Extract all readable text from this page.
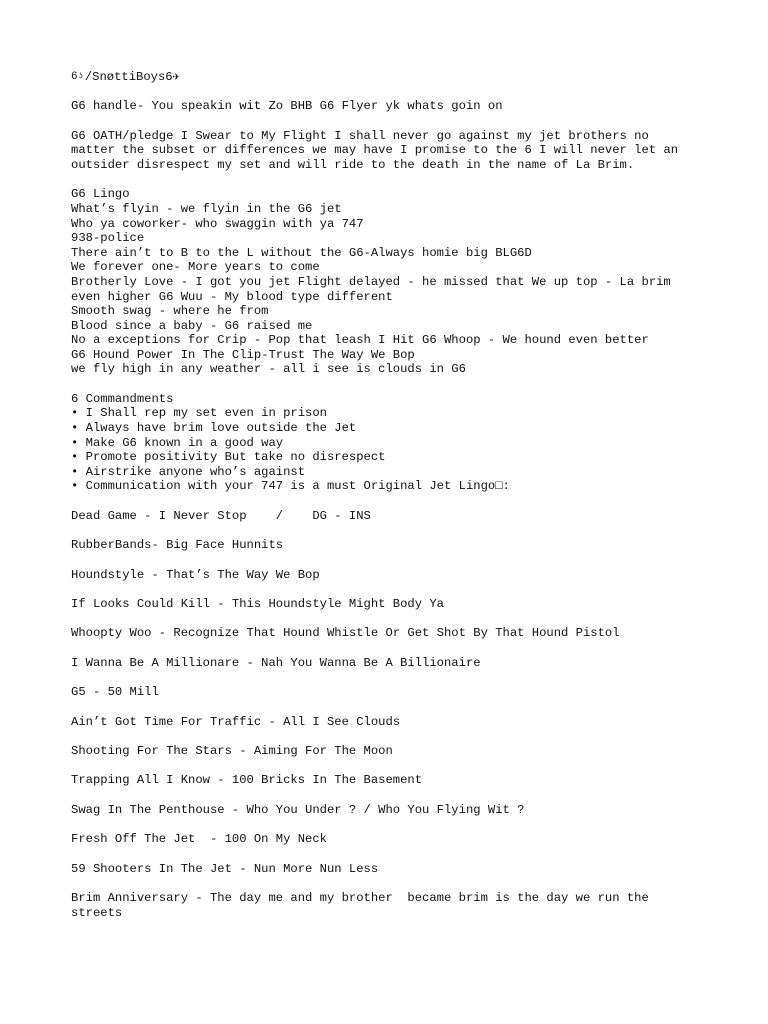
6 ʖ /SnøttiBoys6✈
G6 handle- You speakin wit Zo BHB G6 Flyer yk whats goin on
G6 OATH/pledge I Swear to My Flight I shall never go against my jet brothers no
matter the subset or differences we may have I promise to the 6 I will never let an
outsider disrespect my set and will ride to the death in the name of La Brim.
G6 Lingo
What’s flyin - we flyin in the G6 jet
Who ya coworker- who swaggin with ya 747
938-police
There ain’t to B to the L without the G6-Always homie big BLG6D
We forever one- More years to come
Brotherly Love - I got you jet Flight delayed - he missed that We up top - La brim
even higher G6 Wuu - My blood type different
Smooth swag - where he from
Blood since a baby - G6 raised me
No a exceptions for Crip - Pop that leash I Hit G6 Whoop - We hound even better
G6 Hound Power In The Clip-Trust The Way We Bop
we fly high in any weather - all i see is clouds in G6
6 Commandments
• I Shall rep my set even in prison
• Always have brim love outside the Jet
• Make G6 known in a good way
• Promote positivity But take no disrespect
• Airstrike anyone who’s against
• Communication with your 747 is a must Original Jet Lingo□:
Dead Game - I Never Stop    /    DG - INS
RubberBands- Big Face Hunnits
Houndstyle - That’s The Way We Bop
If Looks Could Kill - This Houndstyle Might Body Ya
Whoopty Woo - Recognize That Hound Whistle Or Get Shot By That Hound Pistol
I Wanna Be A Millionare - Nah You Wanna Be A Billionaire
G5 - 50 Mill
Ain’t Got Time For Traffic - All I See Clouds
Shooting For The Stars - Aiming For The Moon
Trapping All I Know - 100 Bricks In The Basement
Swag In The Penthouse - Who You Under ? / Who You Flying Wit ?
Fresh Off The Jet  - 100 On My Neck
59 Shooters In The Jet - Nun More Nun Less
Brim Anniversary - The day me and my brother  became brim is the day we run the
streets
